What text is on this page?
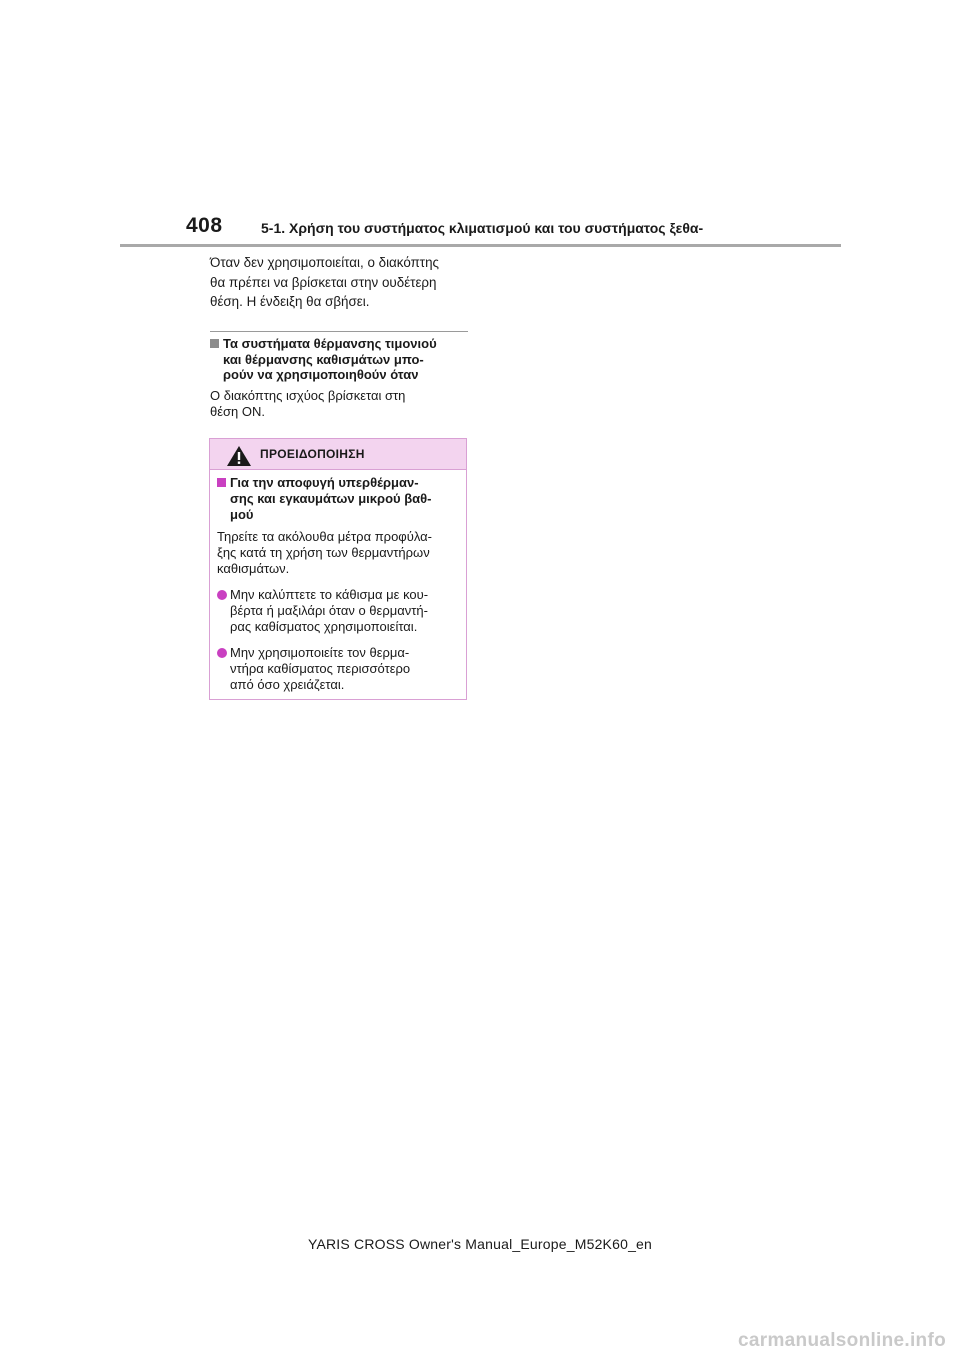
408	5-1. Χρήση του συστήματος κλιματισμού και του συστήματος ξεθα-
Όταν δεν χρησιμοποιείται, ο διακόπτης
θα πρέπει να βρίσκεται στην ουδέτερη
θέση. Η ένδειξη θα σβήσει.
Τα συστήματα θέρμανσης τιμονιού
και θέρμανσης καθισμάτων μπο-
ρούν να χρησιμοποιηθούν όταν
Ο διακόπτης ισχύος βρίσκεται στη
θέση ON.
ΠΡΟΕΙΔΟΠΟΙΗΣΗ
Για την αποφυγή υπερθέρμαν-
σης και εγκαυμάτων μικρού βαθ-
μού
Τηρείτε τα ακόλουθα μέτρα προφύλα-
ξης κατά τη χρήση των θερμαντήρων
καθισμάτων.
Μην καλύπτετε το κάθισμα με κου-
βέρτα ή μαξιλάρι όταν ο θερμαντή-
ρας καθίσματος χρησιμοποιείται.
Μην χρησιμοποιείτε τον θερμα-
ντήρα καθίσματος περισσότερο
από όσο χρειάζεται.
YARIS CROSS Owner's Manual_Europe_M52K60_en
carmanualsonline.info
